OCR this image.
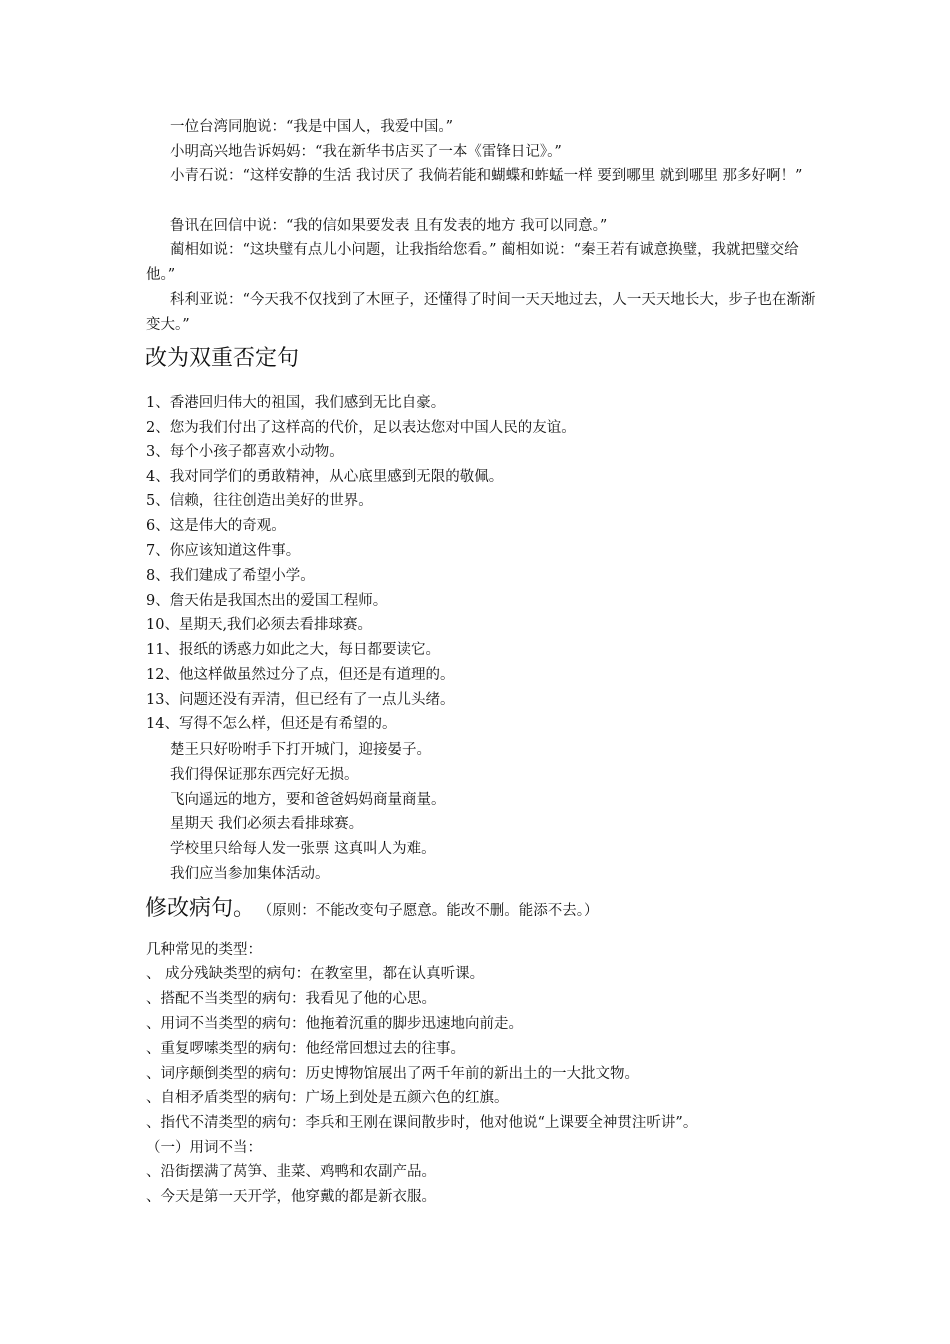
一位台湾同胞说：“我是中国人，我爱中国。”
小明高兴地告诉妈妈：“我在新华书店买了一本《雷锋日记》。”
小青石说：“这样安静的生活 我讨厌了 我倘若能和蝴蝶和蚱蜢一样 要到哪里 就到哪里 那多好啊！”
鲁讯在回信中说：“我的信如果要发表 且有发表的地方 我可以同意。”
蔺相如说：“这块璧有点儿小问题，让我指给您看。” 蔺相如说：“秦王若有诚意换璧，我就把璧交给他。”
科利亚说：“今天我不仅找到了木匣子，还懂得了时间一天天地过去，人一天天地长大，步子也在渐渐变大。”
改为双重否定句
1、香港回归伟大的祖国，我们感到无比自豪。
2、您为我们付出了这样高的代价，足以表达您对中国人民的友谊。
3、每个小孩子都喜欢小动物。
4、我对同学们的勇敢精神，从心底里感到无限的敬佩。
5、信赖，往往创造出美好的世界。
6、这是伟大的奇观。
7、你应该知道这件事。
8、我们建成了希望小学。
9、詹天佑是我国杰出的爱国工程师。
10、星期天,我们必须去看排球赛。
11、报纸的诱惑力如此之大，每日都要读它。
12、他这样做虽然过分了点，但还是有道理的。
13、问题还没有弄清，但已经有了一点儿头绪。
14、写得不怎么样，但还是有希望的。
楚王只好吩咐手下打开城门，迎接晏子。
我们得保证那东西完好无损。
飞向遥远的地方，要和爸爸妈妈商量商量。
星期天 我们必须去看排球赛。
学校里只给每人发一张票 这真叫人为难。
我们应当参加集体活动。
修改病句。 （原则：不能改变句子愿意。能改不删。能添不去。）
几种常见的类型：
、 成分残缺类型的病句：在教室里，都在认真听课。
、搭配不当类型的病句：我看见了他的心思。
、用词不当类型的病句：他拖着沉重的脚步迅速地向前走。
、重复啰嗦类型的病句：他经常回想过去的往事。
、词序颠倒类型的病句：历史博物馆展出了两千年前的新出土的一大批文物。
、自相矛盾类型的病句：广场上到处是五颜六色的红旗。
、指代不清类型的病句：李兵和王刚在课间散步时，他对他说“上课要全神贯注听讲”。
（一）用词不当：
、沿街摆满了莴笋、韭菜、鸡鸭和农副产品。
、今天是第一天开学，他穿戴的都是新衣服。
